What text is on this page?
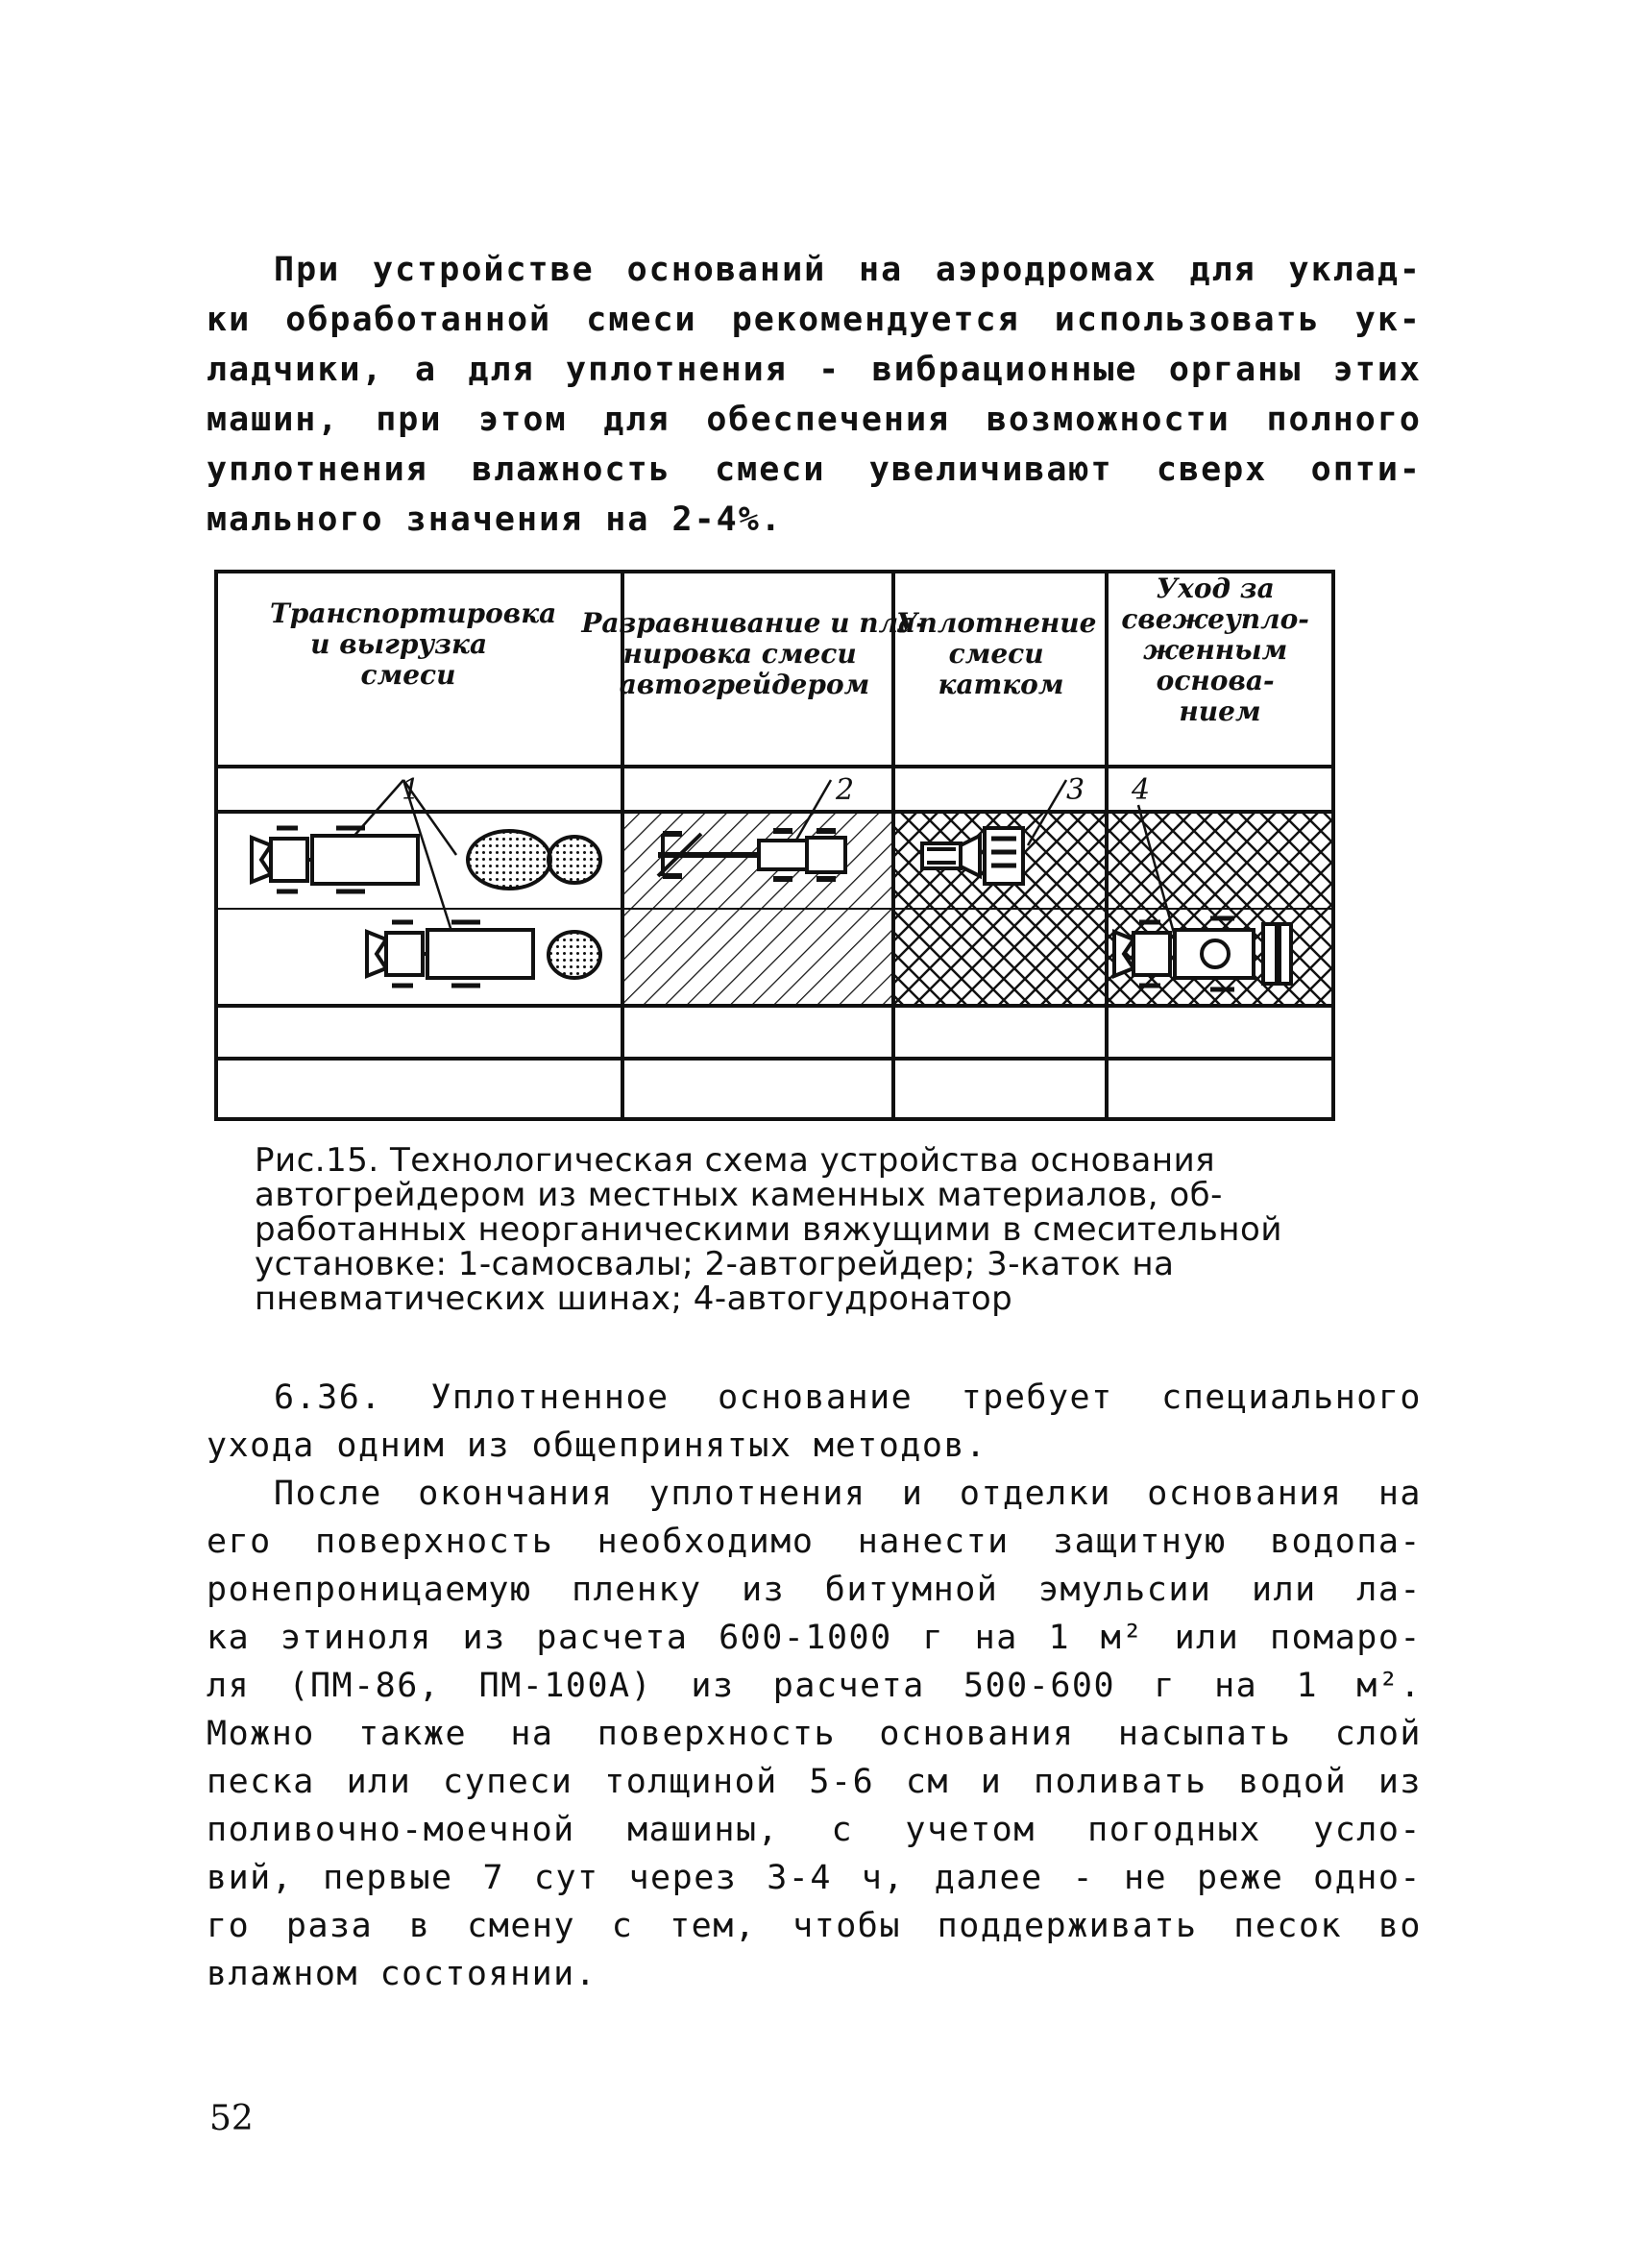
При устройстве оснований на аэродромах для уклад-
ки обработанной смеси рекомендуется использовать ук-
ладчики, а для уплотнения - вибрационные органы этих
машин, при этом для обеспечения возможности полного
уплотнения влажность смеси увеличивают сверх опти-
мального значения на 2-4%.
Транспортировка и выгрузка смеси
Разравнивание и пла- нировка смеси автогрейдером
Уплотнение смеси катком
Уход за свежеупло- женным основа- нием
1	2	3 4
Рис.15. Технологическая схема устройства основания
автогрейдером из местных каменных материалов, об-
работанных неорганическими вяжущими в смесительной
установке: 1-самосвалы; 2-автогрейдер; 3-каток на
пневматических шинах; 4-автогудронатор
6.36. Уплотненное основание требует специального
ухода одним из общепринятых методов.
После окончания уплотнения и отделки основания на
его поверхность необходимо нанести защитную водопа-
ронепроницаемую пленку из битумной эмульсии или ла-
ка этиноля из расчета 600-1000 г на 1 м² или помаро-
ля (ПМ-86, ПМ-100А) из расчета 500-600 г на 1 м².
Можно также на поверхность основания насыпать слой
песка или супеси толщиной 5-6 см и поливать водой из
поливочно-моечной машины, с учетом погодных усло-
вий, первые 7 сут через 3-4 ч, далее - не реже одно-
го раза в смену с тем, чтобы поддерживать песок во
влажном состоянии.
52
